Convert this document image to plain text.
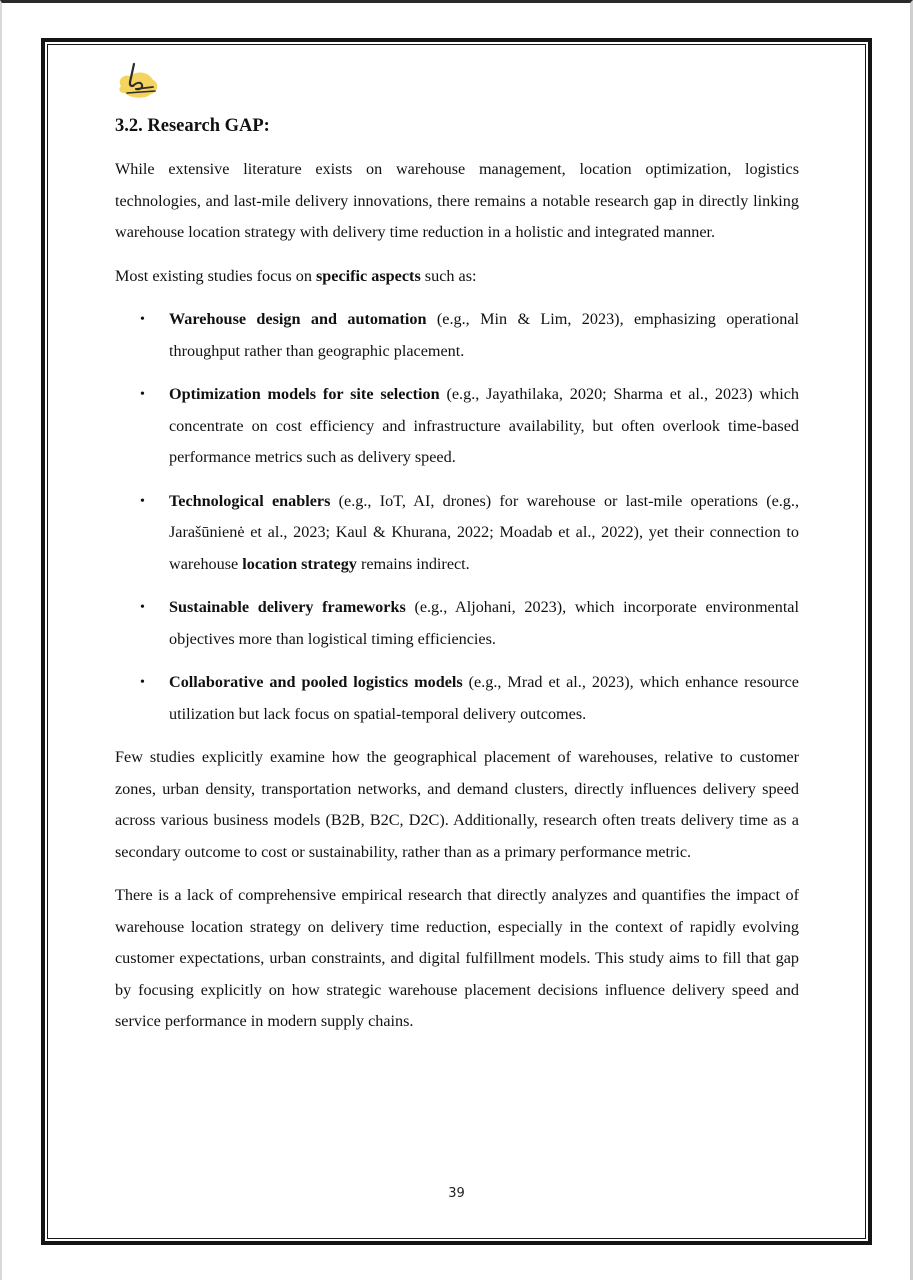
3.2. Research GAP:

While extensive literature exists on warehouse management, location optimization, logistics technologies, and last-mile delivery innovations, there remains a notable research gap in directly linking warehouse location strategy with delivery time reduction in a holistic and integrated manner.

Most existing studies focus on specific aspects such as:
• Warehouse design and automation (e.g., Min & Lim, 2023), emphasizing operational throughput rather than geographic placement.
• Optimization models for site selection (e.g., Jayathilaka, 2020; Sharma et al., 2023) which concentrate on cost efficiency and infrastructure availability, but often overlook time-based performance metrics such as delivery speed.
• Technological enablers (e.g., IoT, AI, drones) for warehouse or last-mile operations (e.g., Jarašūnienė et al., 2023; Kaul & Khurana, 2022; Moadab et al., 2022), yet their connection to warehouse location strategy remains indirect.
• Sustainable delivery frameworks (e.g., Aljohani, 2023), which incorporate environmental objectives more than logistical timing efficiencies.
• Collaborative and pooled logistics models (e.g., Mrad et al., 2023), which enhance resource utilization but lack focus on spatial-temporal delivery outcomes.

Few studies explicitly examine how the geographical placement of warehouses, relative to customer zones, urban density, transportation networks, and demand clusters, directly influences delivery speed across various business models (B2B, B2C, D2C). Additionally, research often treats delivery time as a secondary outcome to cost or sustainability, rather than as a primary performance metric.

There is a lack of comprehensive empirical research that directly analyzes and quantifies the impact of warehouse location strategy on delivery time reduction, especially in the context of rapidly evolving customer expectations, urban constraints, and digital fulfillment models. This study aims to fill that gap by focusing explicitly on how strategic warehouse placement decisions influence delivery speed and service performance in modern supply chains.

39
